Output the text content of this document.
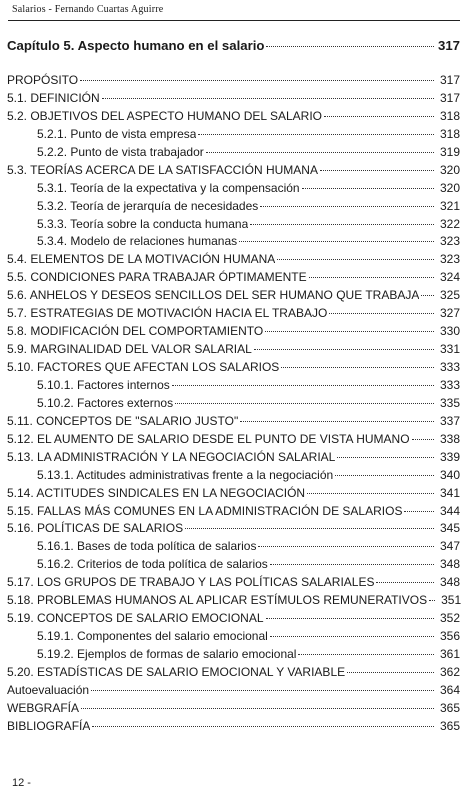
Salarios - Fernando Cuartas Aguirre
Capítulo 5. Aspecto humano en el salario	317
PROPÓSITO	317
5.1. DEFINICIÓN	317
5.2. OBJETIVOS DEL ASPECTO HUMANO DEL SALARIO	318
5.2.1. Punto de vista empresa	318
5.2.2. Punto de vista trabajador	319
5.3. TEORÍAS ACERCA DE LA SATISFACCIÓN HUMANA	320
5.3.1. Teoría de la expectativa y la compensación	320
5.3.2. Teoría de jerarquía de necesidades	321
5.3.3. Teoría sobre la conducta humana	322
5.3.4. Modelo de relaciones humanas	323
5.4. ELEMENTOS DE LA MOTIVACIÓN HUMANA	323
5.5. CONDICIONES PARA TRABAJAR ÓPTIMAMENTE	324
5.6. ANHELOS Y DESEOS SENCILLOS DEL SER HUMANO QUE TRABAJA	325
5.7. ESTRATEGIAS DE MOTIVACIÓN HACIA EL TRABAJO	327
5.8. MODIFICACIÓN DEL COMPORTAMIENTO	330
5.9. MARGINALIDAD DEL VALOR SALARIAL	331
5.10. FACTORES QUE AFECTAN LOS SALARIOS	333
5.10.1. Factores internos	333
5.10.2. Factores externos	335
5.11. CONCEPTOS DE "SALARIO JUSTO"	337
5.12. EL AUMENTO DE SALARIO DESDE EL PUNTO DE VISTA HUMANO	338
5.13. LA ADMINISTRACIÓN Y LA NEGOCIACIÓN SALARIAL	339
5.13.1. Actitudes administrativas frente a la negociación	340
5.14. ACTITUDES SINDICALES EN LA NEGOCIACIÓN	341
5.15. FALLAS MÁS COMUNES EN LA ADMINISTRACIÓN DE SALARIOS	344
5.16. POLÍTICAS DE SALARIOS	345
5.16.1. Bases de toda política de salarios	347
5.16.2. Criterios de toda política de salarios	348
5.17. LOS GRUPOS DE TRABAJO Y LAS POLÍTICAS SALARIALES	348
5.18. PROBLEMAS HUMANOS AL APLICAR ESTÍMULOS REMUNERATIVOS	351
5.19. CONCEPTOS DE SALARIO EMOCIONAL	352
5.19.1. Componentes del salario emocional	356
5.19.2. Ejemplos de formas de salario emocional	361
5.20. ESTADÍSTICAS DE SALARIO EMOCIONAL Y VARIABLE	362
Autoevaluación	364
WEBGRAFÍA	365
BIBLIOGRAFÍA	365
12 -
